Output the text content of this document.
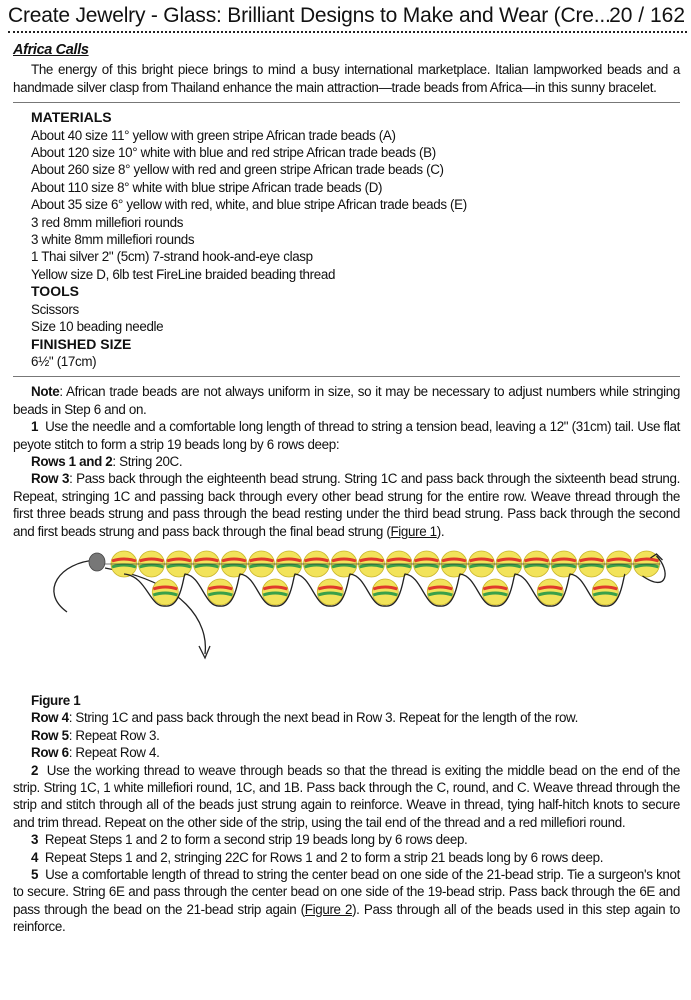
Create Jewelry - Glass: Brilliant Designs to Make and Wear (Cre...
20 / 162
Africa Calls

The energy of this bright piece brings to mind a busy international marketplace. Italian lampworked beads and a handmade silver clasp from Thailand enhance the main attraction—trade beads from Africa—in this sunny bracelet.

MATERIALS
About 40 size 11° yellow with green stripe African trade beads (A)
About 120 size 10° white with blue and red stripe African trade beads (B)
About 260 size 8° yellow with red and green stripe African trade beads (C)
About 110 size 8° white with blue stripe African trade beads (D)
About 35 size 6° yellow with red, white, and blue stripe African trade beads (E)
3 red 8mm millefiori rounds
3 white 8mm millefiori rounds
1 Thai silver 2" (5cm) 7-strand hook-and-eye clasp
Yellow size D, 6lb test FireLine braided beading thread
TOOLS
Scissors
Size 10 beading needle
FINISHED SIZE
6½" (17cm)

Note: African trade beads are not always uniform in size, so it may be necessary to adjust numbers while stringing beads in Step 6 and on.

1 Use the needle and a comfortable long length of thread to string a tension bead, leaving a 12" (31cm) tail. Use flat peyote stitch to form a strip 19 beads long by 6 rows deep:

Rows 1 and 2: String 20C.

Row 3: Pass back through the eighteenth bead strung. String 1C and pass back through the sixteenth bead strung. Repeat, stringing 1C and passing back through every other bead strung for the entire row. Weave thread through the first three beads strung and pass through the bead resting under the third bead strung. Pass back through the second and first beads strung and pass back through the final bead strung (Figure 1).

Figure 1

Row 4: String 1C and pass back through the next bead in Row 3. Repeat for the length of the row.

Row 5: Repeat Row 3.

Row 6: Repeat Row 4.

2 Use the working thread to weave through beads so that the thread is exiting the middle bead on the end of the strip. String 1C, 1 white millefiori round, 1C, and 1B. Pass back through the C, round, and C. Weave thread through the strip and stitch through all of the beads just strung again to reinforce. Weave in thread, tying half-hitch knots to secure and trim thread. Repeat on the other side of the strip, using the tail end of the thread and a red millefiori round.

3 Repeat Steps 1 and 2 to form a second strip 19 beads long by 6 rows deep.

4 Repeat Steps 1 and 2, stringing 22C for Rows 1 and 2 to form a strip 21 beads long by 6 rows deep.

5 Use a comfortable length of thread to string the center bead on one side of the 21-bead strip. Tie a surgeon's knot to secure. String 6E and pass through the center bead on one side of the 19-bead strip. Pass back through the 6E and pass through the bead on the 21-bead strip again (Figure 2). Pass through all of the beads used in this step again to reinforce.
